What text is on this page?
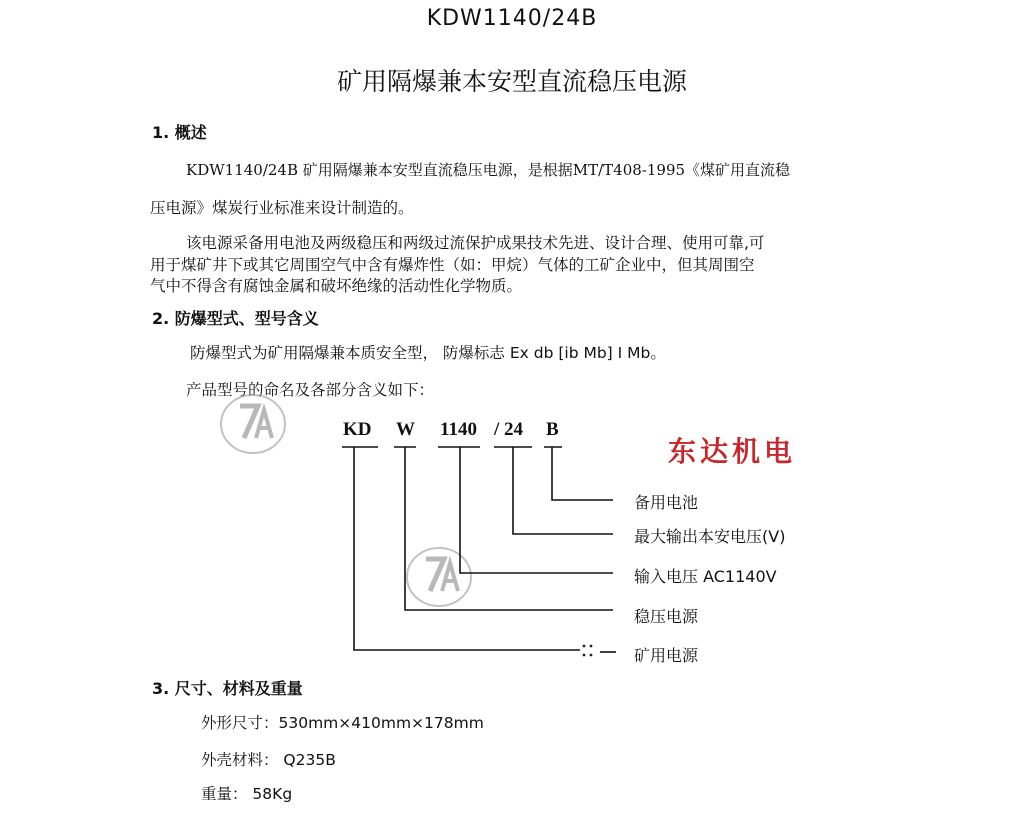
KDW1140/24B
矿用隔爆兼本安型直流稳压电源
1. 概述
KDW1140/24B 矿用隔爆兼本安型直流稳压电源，是根据MT/T408-1995《煤矿用直流稳
压电源》煤炭行业标准来设计制造的。
该电源采备用电池及两级稳压和两级过流保护成果技术先进、设计合理、使用可靠,可
用于煤矿井下或其它周围空气中含有爆炸性（如：甲烷）气体的工矿企业中，但其周围空
气中不得含有腐蚀金属和破坏绝缘的活动性化学物质。
2. 防爆型式、型号含义
防爆型式为矿用隔爆兼本质安全型， 防爆标志 Ex db [ib Mb] I Mb。
产品型号的命名及各部分含义如下：
东达机电
KD W 1140 / 24 B
备用电池
最大输出本安电压(V)
输入电压 AC1140V
稳压电源
矿用电源
3. 尺寸、材料及重量
外形尺寸：530mm×410mm×178mm
外壳材料： Q235B
重量： 58Kg
